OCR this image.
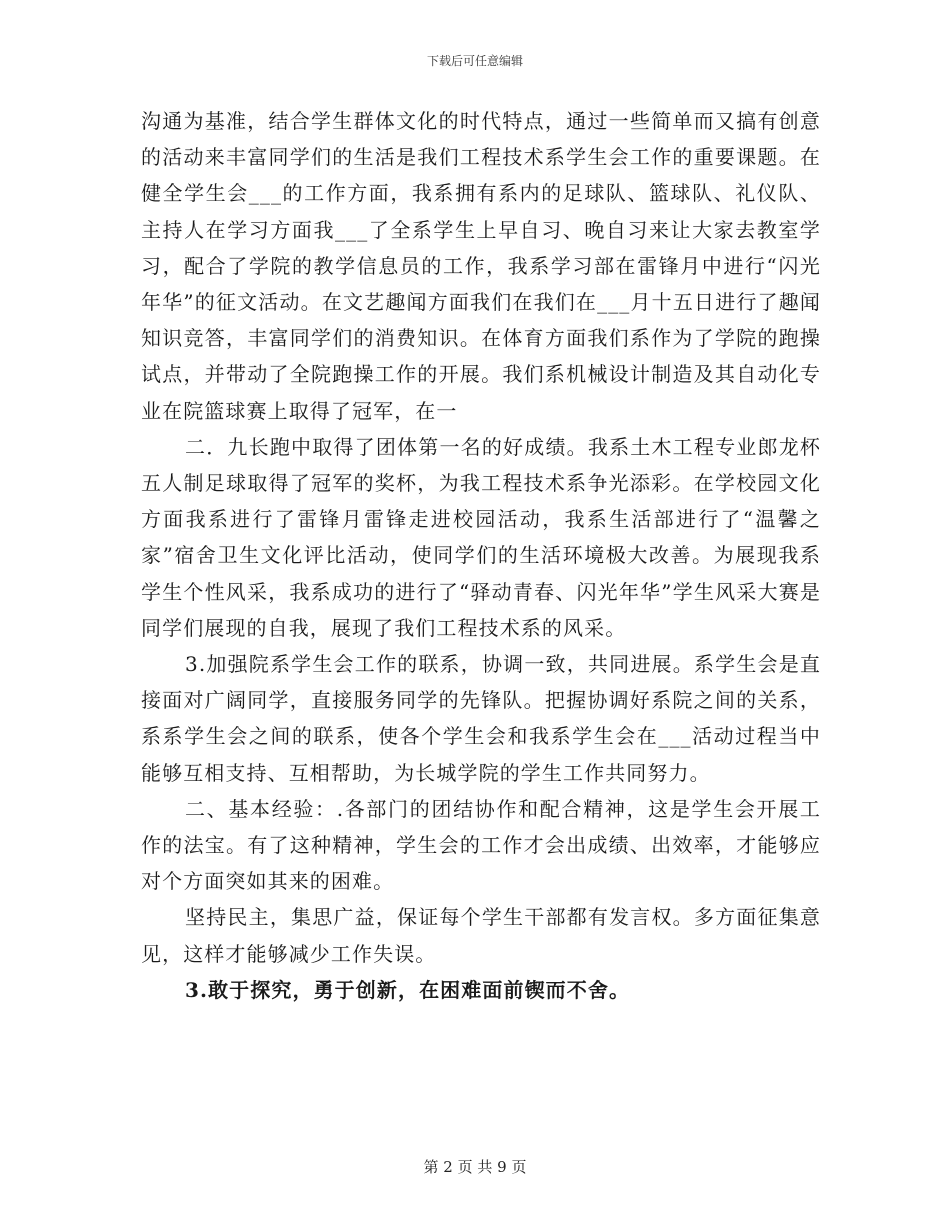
下载后可任意编辑

沟通为基准，结合学生群体文化的时代特点，通过一些简单而又搞有创意的活动来丰富同学们的生活是我们工程技术系学生会工作的重要课题。在健全学生会___的工作方面，我系拥有系内的足球队、篮球队、礼仪队、主持人在学习方面我___了全系学生上早自习、晚自习来让大家去教室学习，配合了学院的教学信息员的工作，我系学习部在雷锋月中进行“闪光年华”的征文活动。在文艺趣闻方面我们在我们在___月十五日进行了趣闻知识竞答，丰富同学们的消费知识。在体育方面我们系作为了学院的跑操试点，并带动了全院跑操工作的开展。我们系机械设计制造及其自动化专业在院篮球赛上取得了冠军，在一

二．九长跑中取得了团体第一名的好成绩。我系土木工程专业郎龙杯五人制足球取得了冠军的奖杯，为我工程技术系争光添彩。在学校园文化方面我系进行了雷锋月雷锋走进校园活动，我系生活部进行了“温馨之家”宿舍卫生文化评比活动，使同学们的生活环境极大改善。为展现我系学生个性风采，我系成功的进行了“驿动青春、闪光年华”学生风采大赛是同学们展现的自我，展现了我们工程技术系的风采。

3.加强院系学生会工作的联系，协调一致，共同进展。系学生会是直接面对广阔同学，直接服务同学的先锋队。把握协调好系院之间的关系，系系学生会之间的联系，使各个学生会和我系学生会在___活动过程当中能够互相支持、互相帮助，为长城学院的学生工作共同努力。

二、基本经验：.各部门的团结协作和配合精神，这是学生会开展工作的法宝。有了这种精神，学生会的工作才会出成绩、出效率，才能够应对个方面突如其来的困难。

坚持民主，集思广益，保证每个学生干部都有发言权。多方面征集意见，这样才能够减少工作失误。

3.敢于探究，勇于创新，在困难面前锲而不舍。

第 2 页 共 9 页
